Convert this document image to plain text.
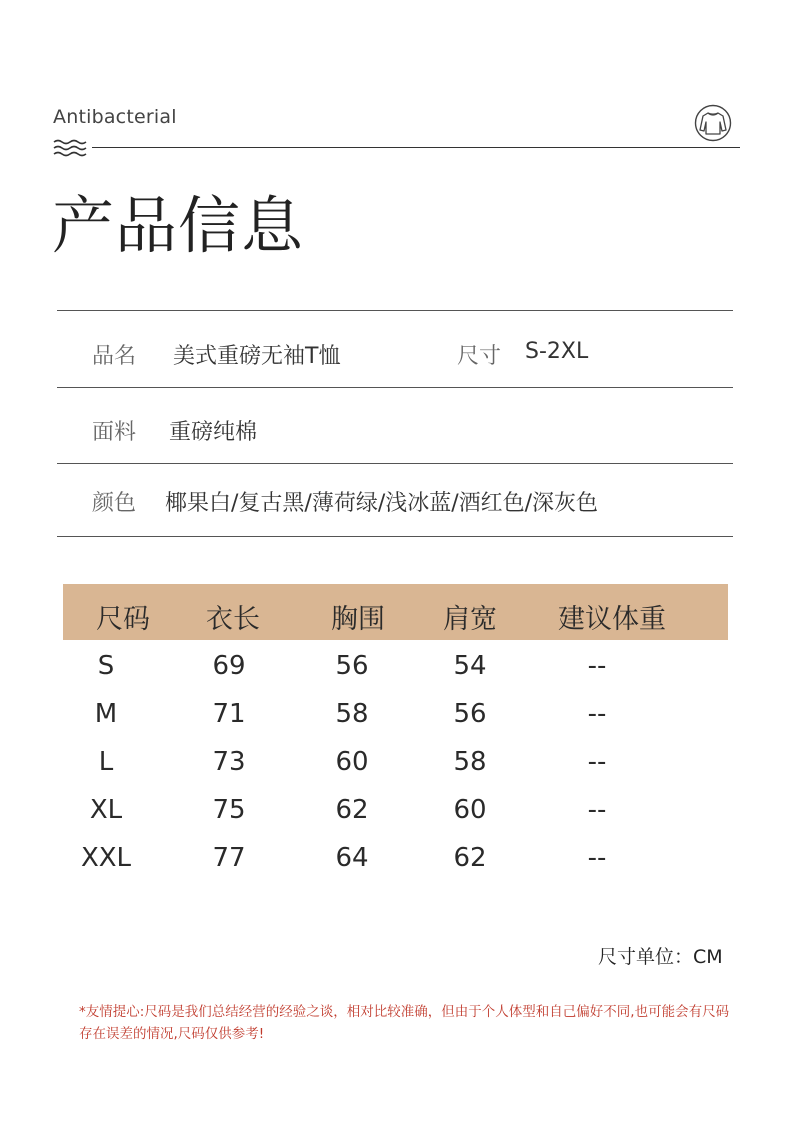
Antibacterial
产品信息
品名 美式重磅无袖T恤	尺寸 S-2XL
面料 重磅纯棉
颜色 椰果白/复古黑/薄荷绿/浅冰蓝/酒红色/深灰色
尺码	衣长	胸围	肩宽	建议体重
S	69	56	54	--
M	71	58	56	--
L	73	60	58	--
XL	75	62	60	--
XXL	77	64	62	--
尺寸单位：CM
*友情提心:尺码是我们总结经营的经验之谈，相对比较准确，但由于个人体型和自己偏好不同,也可能会有尺码存在误差的情况,尺码仅供参考!
